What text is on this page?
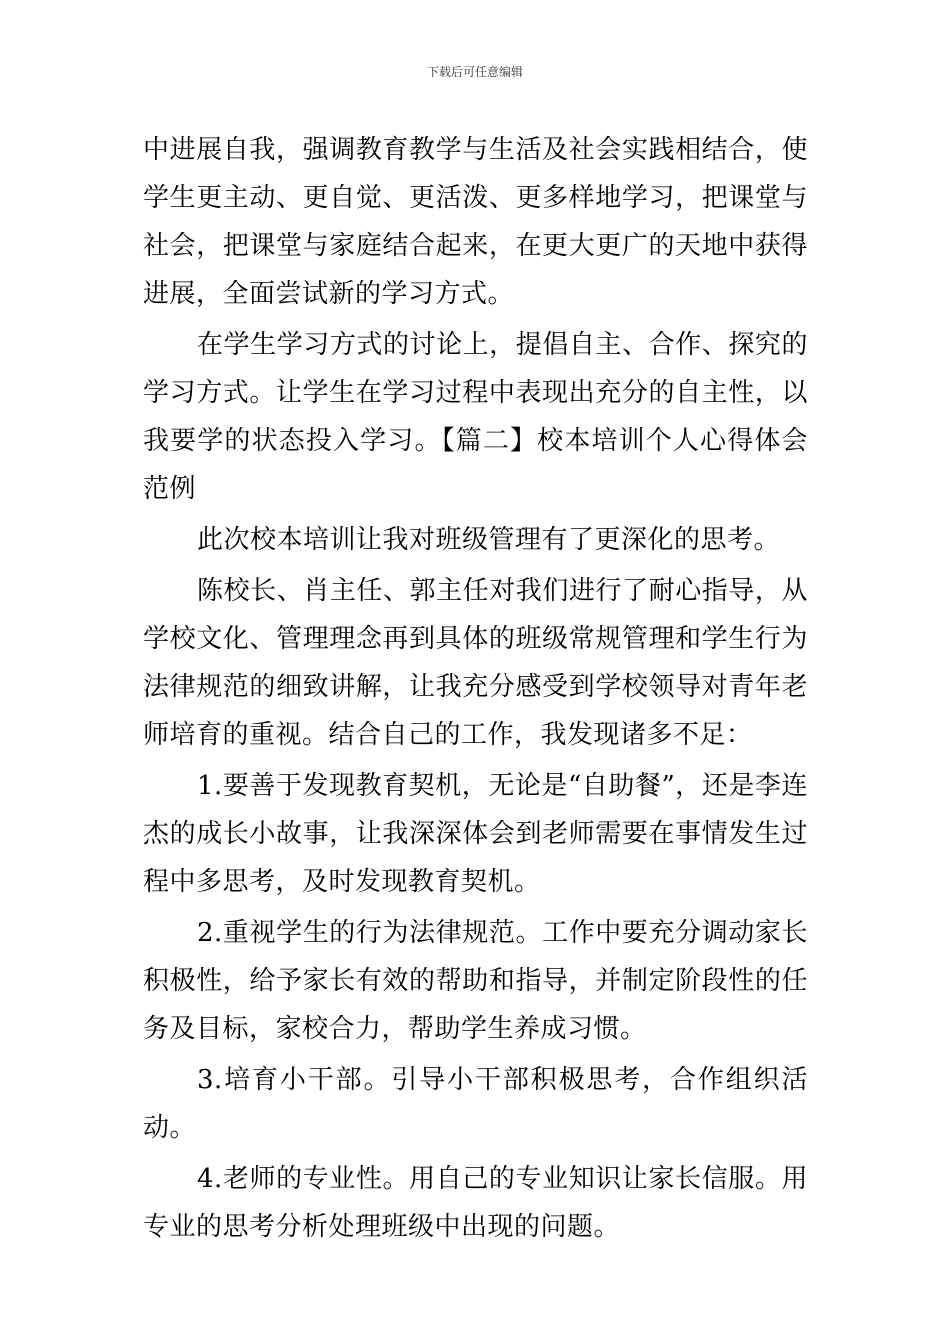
下载后可任意编辑

中进展自我，强调教育教学与生活及社会实践相结合，使学生更主动、更自觉、更活泼、更多样地学习，把课堂与社会，把课堂与家庭结合起来，在更大更广的天地中获得进展，全面尝试新的学习方式。

在学生学习方式的讨论上，提倡自主、合作、探究的学习方式。让学生在学习过程中表现出充分的自主性，以我要学的状态投入学习。【篇二】校本培训个人心得体会范例

此次校本培训让我对班级管理有了更深化的思考。

陈校长、肖主任、郭主任对我们进行了耐心指导，从学校文化、管理理念再到具体的班级常规管理和学生行为法律规范的细致讲解，让我充分感受到学校领导对青年老师培育的重视。结合自己的工作，我发现诸多不足：

1.要善于发现教育契机，无论是“自助餐”，还是李连杰的成长小故事，让我深深体会到老师需要在事情发生过程中多思考，及时发现教育契机。

2.重视学生的行为法律规范。工作中要充分调动家长积极性，给予家长有效的帮助和指导，并制定阶段性的任务及目标，家校合力，帮助学生养成习惯。

3.培育小干部。引导小干部积极思考，合作组织活动。

4.老师的专业性。用自己的专业知识让家长信服。用专业的思考分析处理班级中出现的问题。
